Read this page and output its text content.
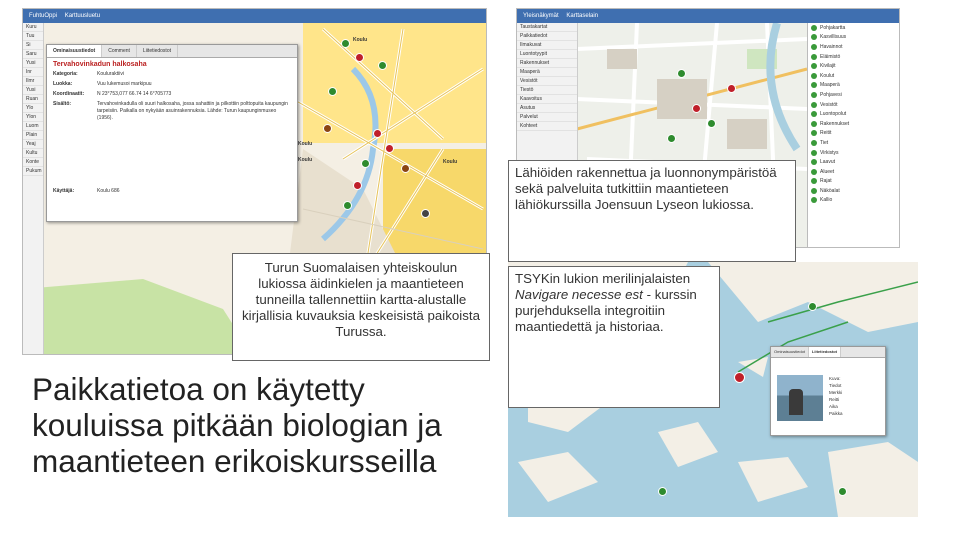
FuhtuOppi Karttuusluetu
Kuru
Tuu
Si
Saru
Yusi
Inr
Ilmr
Yusi
Ruan
Ylo
Ylon
Luom
Plain
Yeaj
Kultu
Konte
Pukum
Koulu
Koulu
Koulu	Koulu
Ominaisuustiedot	Comment	Liitetiedostot
Tervahovinkadun halkosaha
Kategoria:	Kouluraktiivi
Luokka:	Vuu lukemusoi markipuu
Koordinaatit:	N 23°753,077 66.74 14 6°705773
Sisältö:	Tervahovinkadulla oli suuri halkosaha, jossa sahattiin ja pilkottiin polttopuita kaupungin tarpeisiin. Paikalla on nykyään asuinrakennuksia. Lähde: Turun kaupunginmuseo (1956).
Käyttäjä:	Koulu 686
Yleisnäkymät Karttaselain
Taustakartat
Paikkatiedot
Ilmakuvat
Luontotyypit
Rakennukset
Maaperä
Vesistöt
Tiestö
Kaavoitus
Asutus
Palvelut
Kohteet
Pohjakartta
Kasvillisuus
Havainnot
Eläimistö
Kivilajit
Koulut
Maaperä
Pohjavesi
Vesistöt
Luontopolut
Rakennukset
Reitit
Tiet
Virkistys
Laavut
Alueet
Rajat
Näköalat
Kallio
Ominaisuustiedot	Liitetiedostot
Kuva:
Tiedot
Merkki
Reitti
Aika
Paikka
Turun Suomalaisen yhteiskoulun lukiossa äidinkielen ja maantieteen tunneilla tallennettiin kartta-alustalle kirjallisia kuvauksia keskeisistä paikoista Turussa.
Lähiöiden rakennettua ja luonnonympäristöä sekä palveluita tutkittiin maantieteen lähiökurssilla Joensuun Lyseon lukiossa.
TSYKin lukion merilinjalaisten Navigare necesse est - kurssin purjehduksella integroitiin maantiedettä ja historiaa.
Paikkatietoa on käytetty kouluissa pitkään biologian ja maantieteen erikoiskursseilla
